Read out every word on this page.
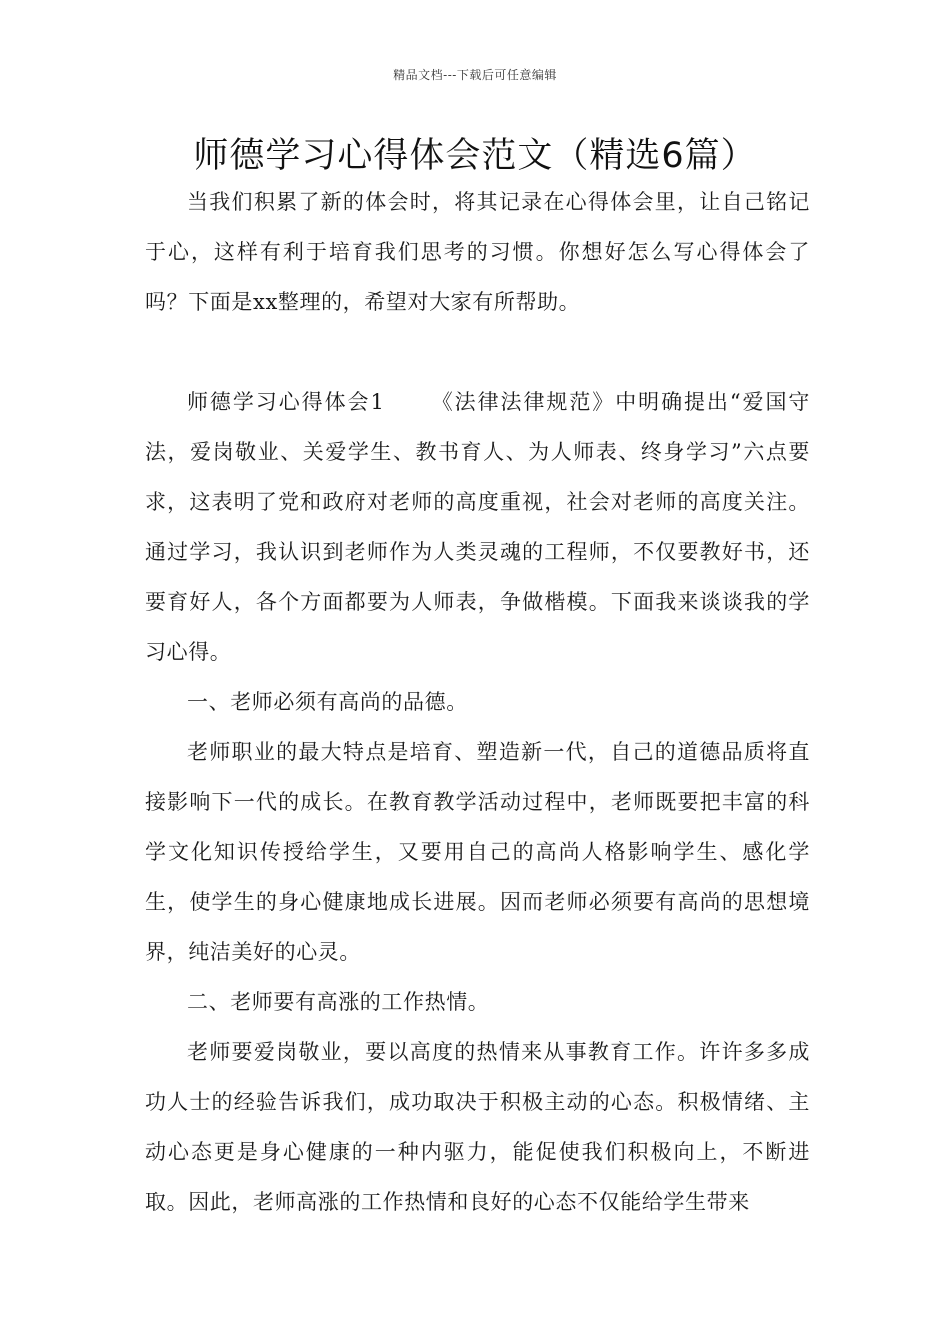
精品文档---下载后可任意编辑
师德学习心得体会范文（精选6篇）

当我们积累了新的体会时，将其记录在心得体会里，让自己铭记于心，这样有利于培育我们思考的习惯。你想好怎么写心得体会了吗？下面是xx整理的，希望对大家有所帮助。

师德学习心得体会1 《法律法律规范》中明确提出“爱国守法，爱岗敬业、关爱学生、教书育人、为人师表、终身学习”六点要求，这表明了党和政府对老师的高度重视，社会对老师的高度关注。通过学习，我认识到老师作为人类灵魂的工程师，不仅要教好书，还要育好人，各个方面都要为人师表，争做楷模。下面我来谈谈我的学习心得。

一、老师必须有高尚的品德。

老师职业的最大特点是培育、塑造新一代，自己的道德品质将直接影响下一代的成长。在教育教学活动过程中，老师既要把丰富的科学文化知识传授给学生，又要用自己的高尚人格影响学生、感化学生，使学生的身心健康地成长进展。因而老师必须要有高尚的思想境界，纯洁美好的心灵。

二、老师要有高涨的工作热情。

老师要爱岗敬业，要以高度的热情来从事教育工作。许许多多成功人士的经验告诉我们，成功取决于积极主动的心态。积极情绪、主动心态更是身心健康的一种内驱力，能促使我们积极向上，不断进取。因此，老师高涨的工作热情和良好的心态不仅能给学生带来
